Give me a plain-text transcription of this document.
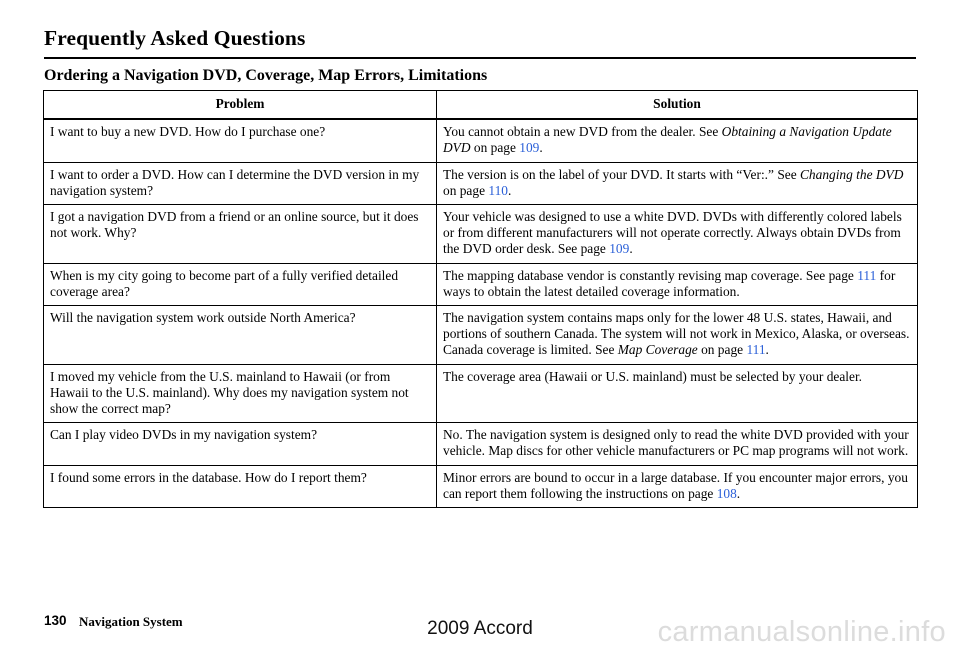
Frequently Asked Questions
Ordering a Navigation DVD, Coverage, Map Errors, Limitations
Problem	Solution
I want to buy a new DVD. How do I purchase one?	You cannot obtain a new DVD from the dealer. See Obtaining a Navigation Update DVD on page 109.
I want to order a DVD. How can I determine the DVD version in my navigation system?	The version is on the label of your DVD. It starts with “Ver:.” See Changing the DVD on page 110.
I got a navigation DVD from a friend or an online source, but it does not work. Why?	Your vehicle was designed to use a white DVD. DVDs with differently colored labels or from different manufacturers will not operate correctly. Always obtain DVDs from the DVD order desk. See page 109.
When is my city going to become part of a fully verified detailed coverage area?	The mapping database vendor is constantly revising map coverage. See page 111 for ways to obtain the latest detailed coverage information.
Will the navigation system work outside North America?	The navigation system contains maps only for the lower 48 U.S. states, Hawaii, and portions of southern Canada. The system will not work in Mexico, Alaska, or overseas. Canada coverage is limited. See Map Coverage on page 111.
I moved my vehicle from the U.S. mainland to Hawaii (or from Hawaii to the U.S. mainland). Why does my navigation system not show the correct map?	The coverage area (Hawaii or U.S. mainland) must be selected by your dealer.
Can I play video DVDs in my navigation system?	No. The navigation system is designed only to read the white DVD provided with your vehicle. Map discs for other vehicle manufacturers or PC map programs will not work.
I found some errors in the database. How do I report them?	Minor errors are bound to occur in a large database. If you encounter major errors, you can report them following the instructions on page 108.
130 Navigation System	2009 Accord	carmanualsonline.info
